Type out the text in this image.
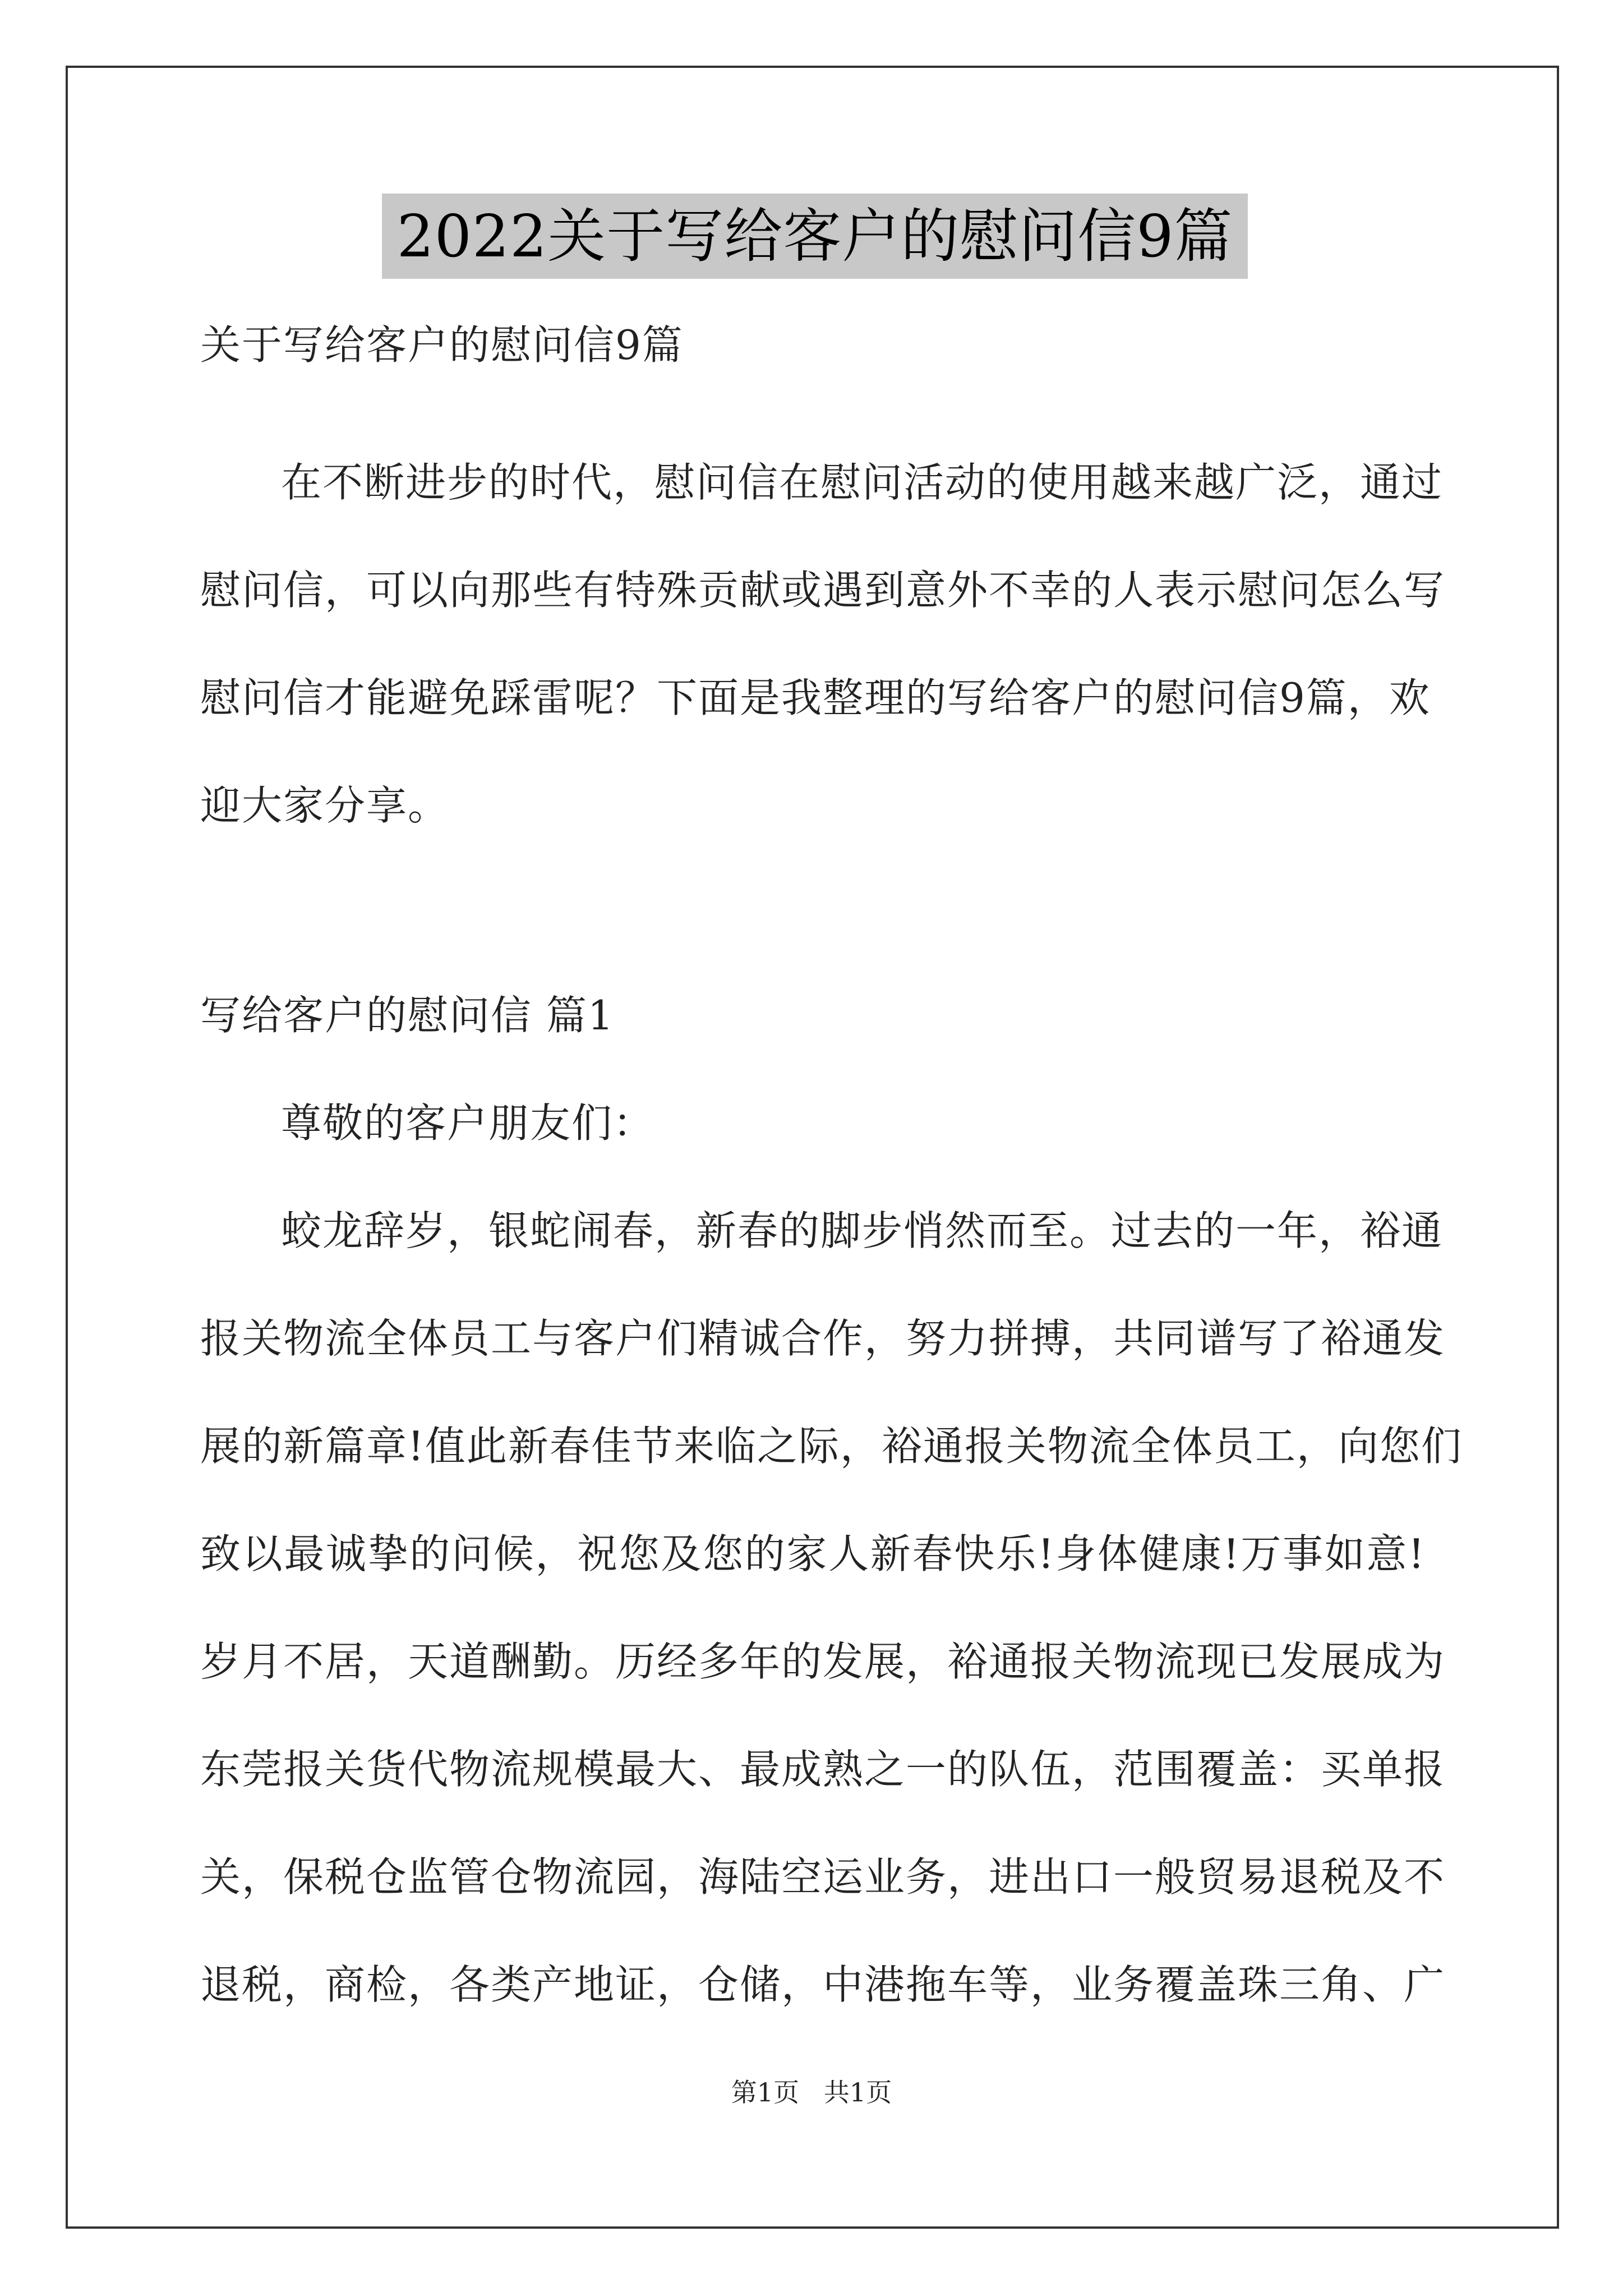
2022关于写给客户的慰问信9篇
关于写给客户的慰问信9篇
在不断进步的时代，慰问信在慰问活动的使用越来越广泛，通过
慰问信，可以向那些有特殊贡献或遇到意外不幸的人表示慰问怎么写
慰问信才能避免踩雷呢？下面是我整理的写给客户的慰问信9篇，欢
迎大家分享。
写给客户的慰问信 篇1
尊敬的客户朋友们：
蛟龙辞岁，银蛇闹春，新春的脚步悄然而至。过去的一年，裕通
报关物流全体员工与客户们精诚合作，努力拼搏，共同谱写了裕通发
展的新篇章!值此新春佳节来临之际，裕通报关物流全体员工，向您们
致以最诚挚的问候，祝您及您的家人新春快乐!身体健康!万事如意!
岁月不居，天道酬勤。历经多年的发展，裕通报关物流现已发展成为
东莞报关货代物流规模最大、最成熟之一的队伍，范围覆盖：买单报
关，保税仓监管仓物流园，海陆空运业务，进出口一般贸易退税及不
退税，商检，各类产地证，仓储，中港拖车等，业务覆盖珠三角、广
第1页   共1页
